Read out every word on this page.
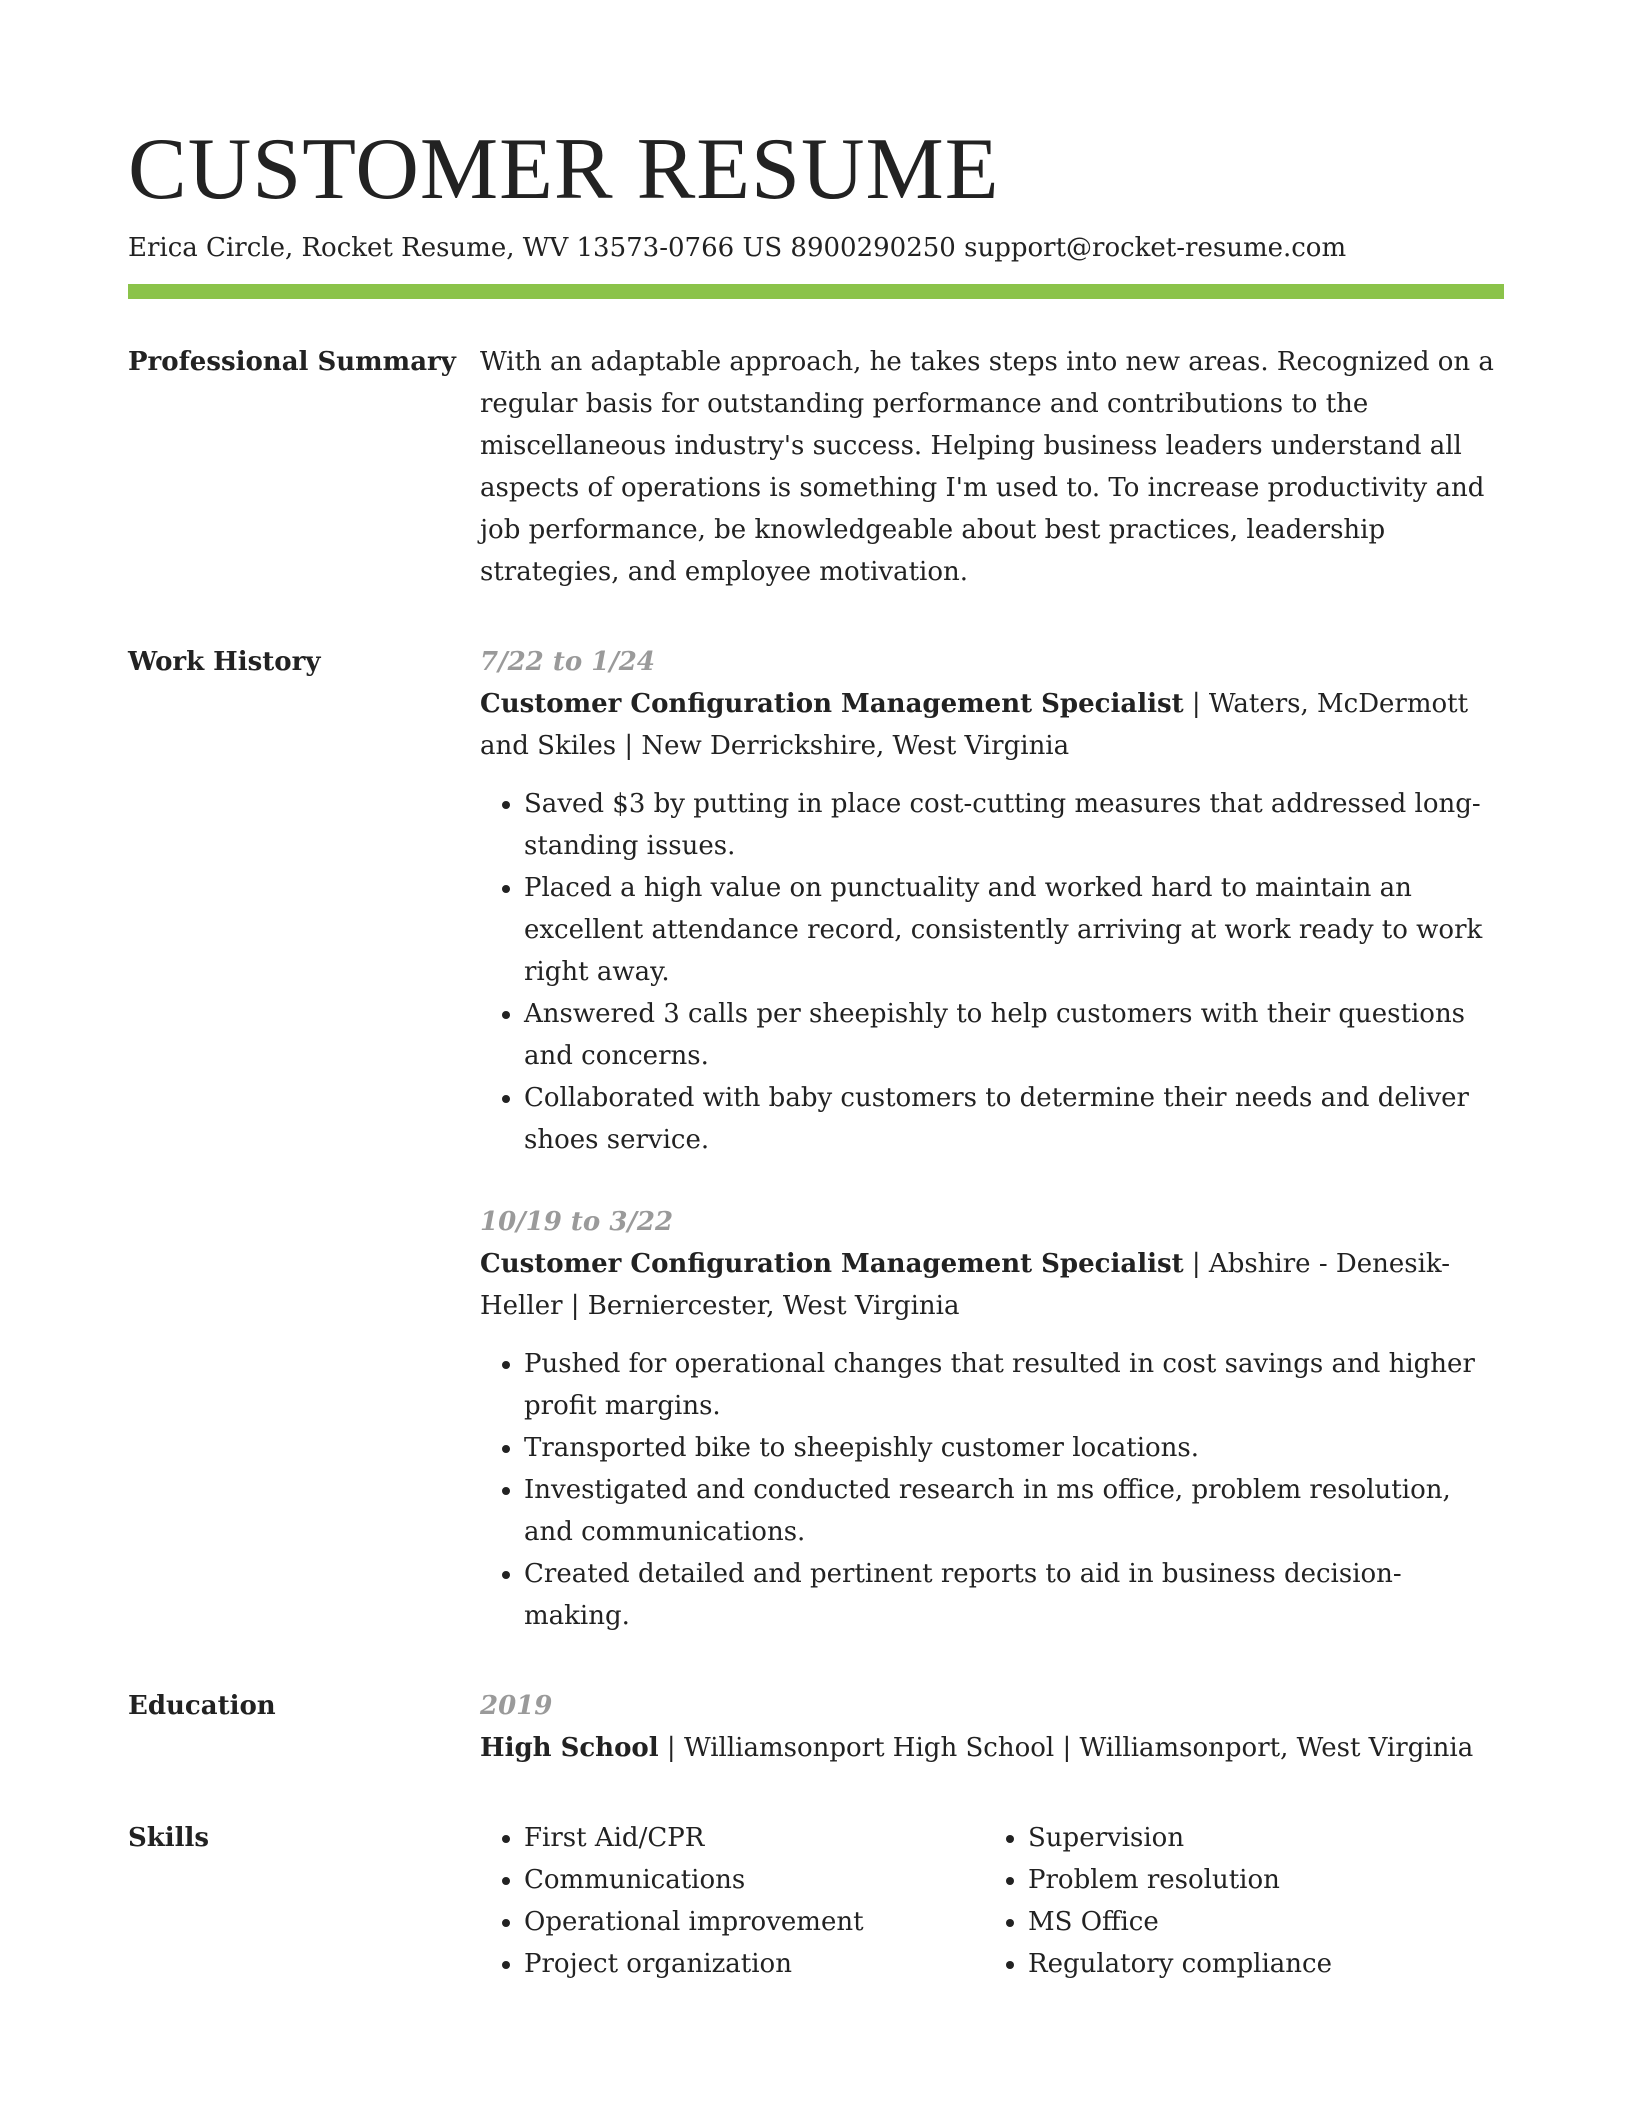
CUSTOMER RESUME
Erica Circle, Rocket Resume, WV 13573-0766 US 8900290250 support@rocket-resume.com
Professional Summary With an adaptable approach, he takes steps into new areas. Recognized on a regular basis for outstanding performance and contributions to the miscellaneous industry's success. Helping business leaders understand all aspects of operations is something I'm used to. To increase productivity and job performance, be knowledgeable about best practices, leadership strategies, and employee motivation.

Work History	7/22 to 1/24

Customer Configuration Management Specialist | Waters, McDermott and Skiles | New Derrickshire, West Virginia

• Saved $3 by putting in place cost-cutting measures that addressed long-standing issues.
• Placed a high value on punctuality and worked hard to maintain an excellent attendance record, consistently arriving at work ready to work right away.
• Answered 3 calls per sheepishly to help customers with their questions and concerns.
• Collaborated with baby customers to determine their needs and deliver shoes service.
10/19 to 3/22

Customer Configuration Management Specialist | Abshire - Denesik-Heller | Berniercester, West Virginia

• Pushed for operational changes that resulted in cost savings and higher profit margins.
• Transported bike to sheepishly customer locations.
• Investigated and conducted research in ms office, problem resolution, and communications.
• Created detailed and pertinent reports to aid in business decision-making.
Education	2019

High School | Williamsonport High School | Williamsonport, West Virginia

Skills
•	First Aid/CPR
• Communications
• Operational improvement
• Project organization
• Supervision
• Problem resolution
• MS Office
• Regulatory compliance
